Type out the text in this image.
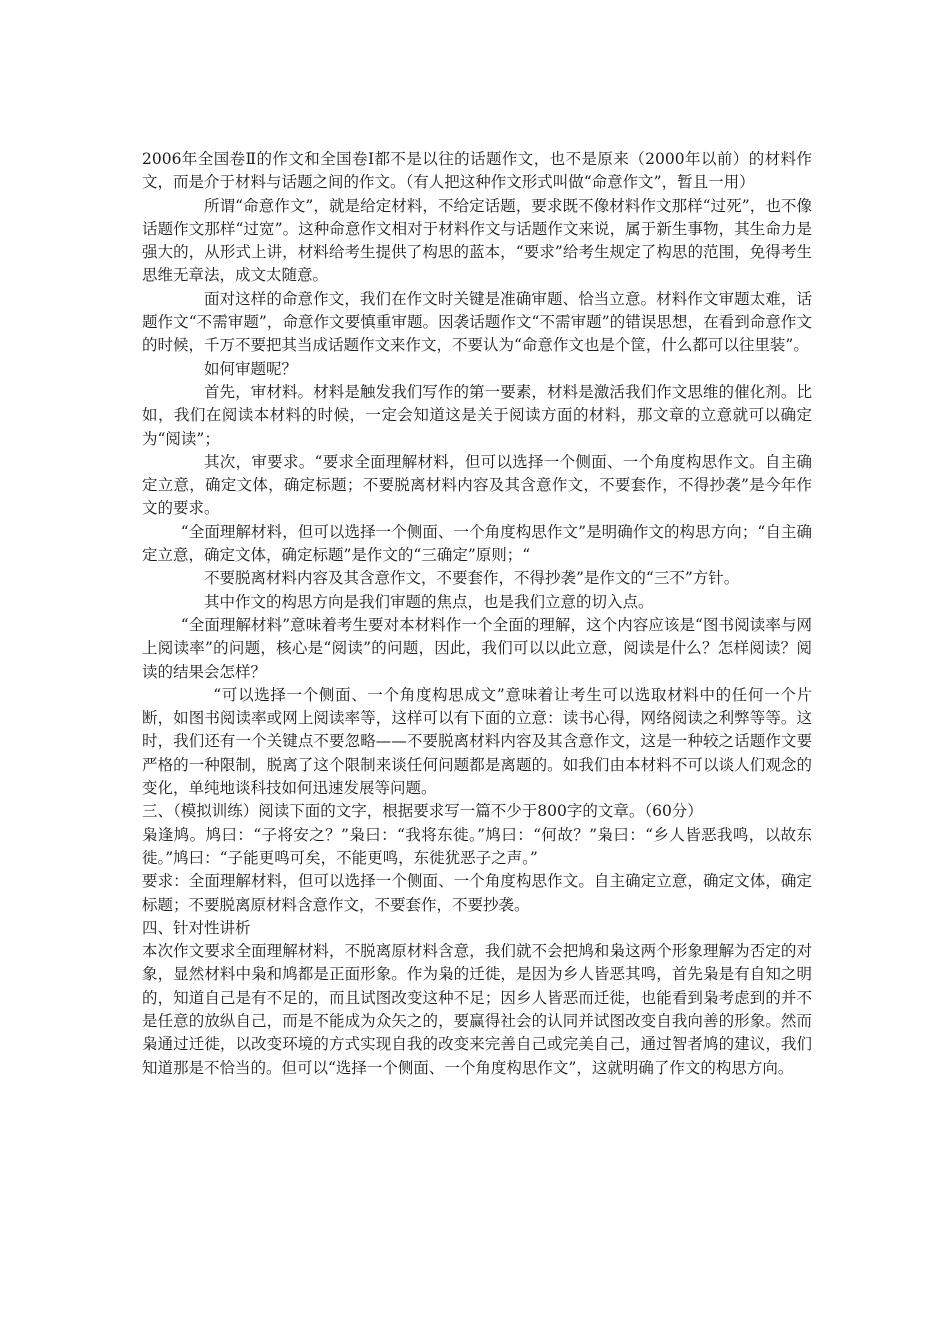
2006年全国卷Ⅱ的作文和全国卷Ⅰ都不是以往的话题作文，也不是原来（2000年以前）的材料作文，而是介于材料与话题之间的作文。（有人把这种作文形式叫做“命意作文”，暂且一用）

所谓“命意作文”，就是给定材料，不给定话题，要求既不像材料作文那样“过死”，也不像话题作文那样“过宽”。这种命意作文相对于材料作文与话题作文来说，属于新生事物，其生命力是强大的，从形式上讲，材料给考生提供了构思的蓝本，“要求”给考生规定了构思的范围，免得考生思维无章法，成文太随意。

面对这样的命意作文，我们在作文时关键是准确审题、恰当立意。材料作文审题太难，话题作文“不需审题”，命意作文要慎重审题。因袭话题作文“不需审题”的错误思想，在看到命意作文的时候，千万不要把其当成话题作文来作文，不要认为“命意作文也是个筐，什么都可以往里装”。

如何审题呢？

首先，审材料。材料是触发我们写作的第一要素，材料是激活我们作文思维的催化剂。比如，我们在阅读本材料的时候，一定会知道这是关于阅读方面的材料，那文章的立意就可以确定为“阅读”；

其次，审要求。“要求全面理解材料，但可以选择一个侧面、一个角度构思作文。自主确定立意，确定文体，确定标题；不要脱离材料内容及其含意作文，不要套作，不得抄袭”是今年作文的要求。

“全面理解材料，但可以选择一个侧面、一个角度构思作文”是明确作文的构思方向；“自主确定立意，确定文体，确定标题”是作文的“三确定”原则；“

不要脱离材料内容及其含意作文，不要套作，不得抄袭”是作文的“三不”方针。

其中作文的构思方向是我们审题的焦点，也是我们立意的切入点。

“全面理解材料”意味着考生要对本材料作一个全面的理解，这个内容应该是“图书阅读率与网上阅读率”的问题，核心是“阅读”的问题，因此，我们可以以此立意，阅读是什么？怎样阅读？阅读的结果会怎样？

“可以选择一个侧面、一个角度构思成文”意味着让考生可以选取材料中的任何一个片断，如图书阅读率或网上阅读率等，这样可以有下面的立意：读书心得，网络阅读之利弊等等。这时，我们还有一个关键点不要忽略——不要脱离材料内容及其含意作文，这是一种较之话题作文要严格的一种限制，脱离了这个限制来谈任何问题都是离题的。如我们由本材料不可以谈人们观念的变化，单纯地谈科技如何迅速发展等问题。

三、（模拟训练）阅读下面的文字，根据要求写一篇不少于800字的文章。（60分）

枭逢鸠。鸠曰：“子将安之？”枭曰：“我将东徙。”鸠曰：“何故？”枭曰：“乡人皆恶我鸣，以故东徙。”鸠曰：“子能更鸣可矣，不能更鸣，东徙犹恶子之声。”

要求：全面理解材料，但可以选择一个侧面、一个角度构思作文。自主确定立意，确定文体，确定标题；不要脱离原材料含意作文，不要套作，不要抄袭。

四、针对性讲析

本次作文要求全面理解材料，不脱离原材料含意，我们就不会把鸠和枭这两个形象理解为否定的对象，显然材料中枭和鸠都是正面形象。作为枭的迁徙，是因为乡人皆恶其鸣，首先枭是有自知之明的，知道自己是有不足的，而且试图改变这种不足；因乡人皆恶而迁徙，也能看到枭考虑到的并不是任意的放纵自己，而是不能成为众矢之的，要赢得社会的认同并试图改变自我向善的形象。然而枭通过迁徙，以改变环境的方式实现自我的改变来完善自己或完美自己，通过智者鸠的建议，我们知道那是不恰当的。但可以“选择一个侧面、一个角度构思作文”，这就明确了作文的构思方向。
